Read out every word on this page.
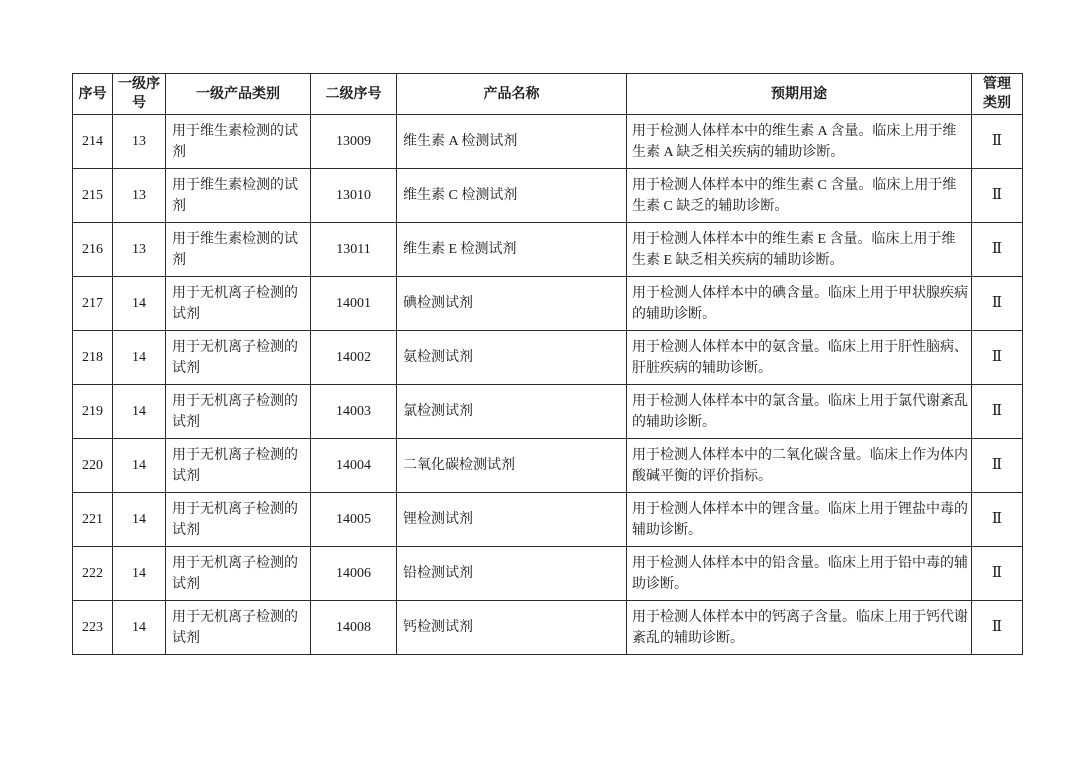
序号	一级序号	一级产品类别	二级序号	产品名称	预期用途	管理类别
214	13	用于维生素检测的试剂	13009	维生素 A 检测试剂	用于检测人体样本中的维生素 A 含量。临床上用于维生素 A 缺乏相关疾病的辅助诊断。	Ⅱ
215	13	用于维生素检测的试剂	13010	维生素 C 检测试剂	用于检测人体样本中的维生素 C 含量。临床上用于维生素 C 缺乏的辅助诊断。	Ⅱ
216	13	用于维生素检测的试剂	13011	维生素 E 检测试剂	用于检测人体样本中的维生素 E 含量。临床上用于维生素 E 缺乏相关疾病的辅助诊断。	Ⅱ
217	14	用于无机离子检测的试剂	14001	碘检测试剂	用于检测人体样本中的碘含量。临床上用于甲状腺疾病的辅助诊断。	Ⅱ
218	14	用于无机离子检测的试剂	14002	氨检测试剂	用于检测人体样本中的氨含量。临床上用于肝性脑病、肝脏疾病的辅助诊断。	Ⅱ
219	14	用于无机离子检测的试剂	14003	氯检测试剂	用于检测人体样本中的氯含量。临床上用于氯代谢紊乱的辅助诊断。	Ⅱ
220	14	用于无机离子检测的试剂	14004	二氧化碳检测试剂	用于检测人体样本中的二氧化碳含量。临床上作为体内酸碱平衡的评价指标。	Ⅱ
221	14	用于无机离子检测的试剂	14005	锂检测试剂	用于检测人体样本中的锂含量。临床上用于锂盐中毒的辅助诊断。	Ⅱ
222	14	用于无机离子检测的试剂	14006	铅检测试剂	用于检测人体样本中的铅含量。临床上用于铅中毒的辅助诊断。	Ⅱ
223	14	用于无机离子检测的试剂	14008	钙检测试剂	用于检测人体样本中的钙离子含量。临床上用于钙代谢紊乱的辅助诊断。	Ⅱ
